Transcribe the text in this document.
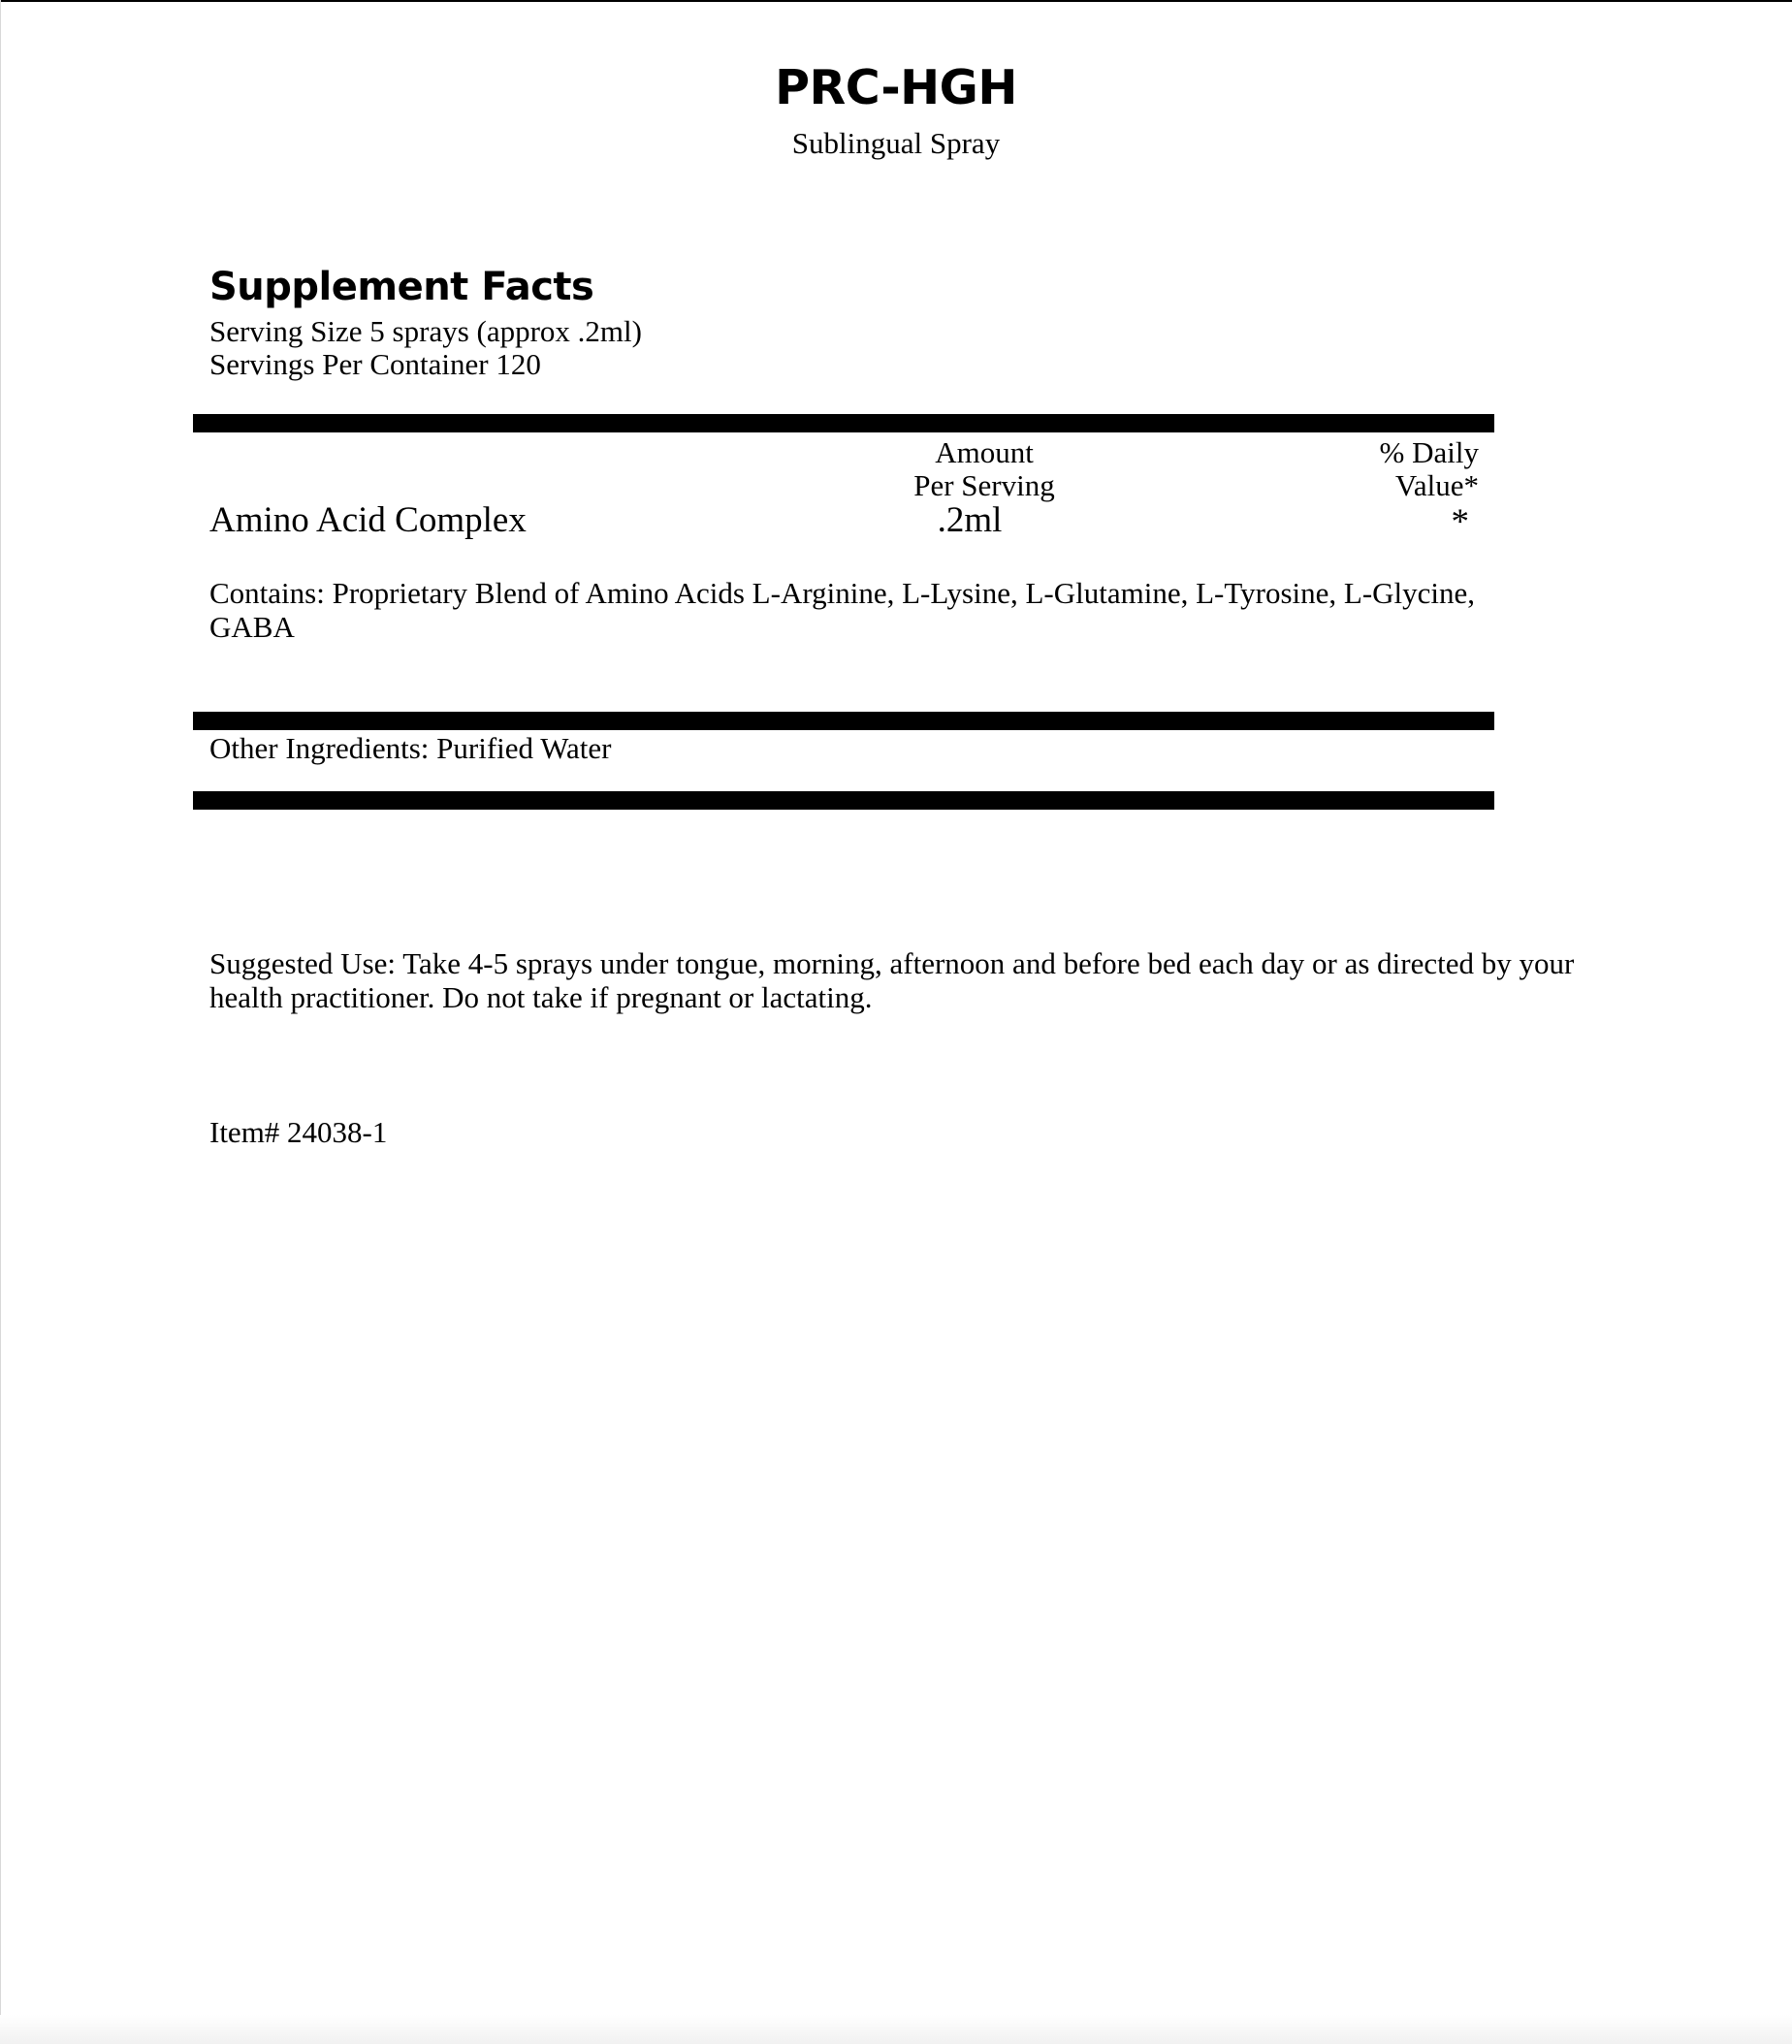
PRC-HGH
Sublingual Spray
Supplement Facts
Serving Size 5 sprays (approx .2ml)
Servings Per Container 120
Amount
Per Serving
% Daily
Value*
Amino Acid Complex	.2ml	*
Contains: Proprietary Blend of Amino Acids L-Arginine, L-Lysine, L-Glutamine, L-Tyrosine, L-Glycine,
GABA
Other Ingredients: Purified Water
Suggested Use: Take 4-5 sprays under tongue, morning, afternoon and before bed each day or as directed by your
health practitioner. Do not take if pregnant or lactating.
Item# 24038-1
